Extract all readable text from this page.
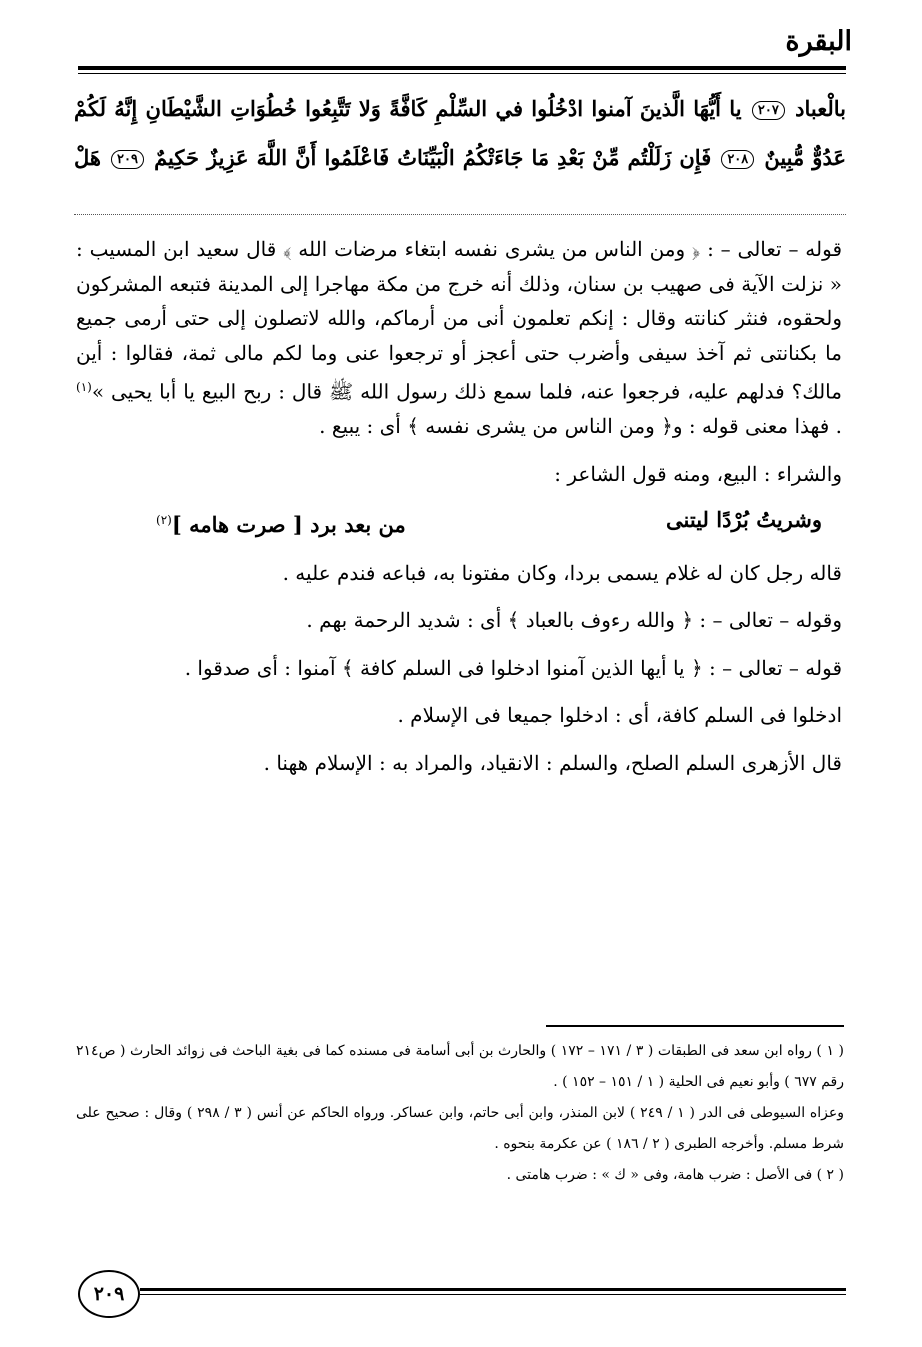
البقرة

بالْعباد ٢٠٧ يا أَيُّهَا الَّذينَ آمنوا ادْخُلُوا في السِّلْمِ كَافَّةً وَلا تَتَّبِعُوا خُطُوَاتِ الشَّيْطَانِ إِنَّهُ لَكُمْ

عَدُوٌّ مُّبِينٌ ٢٠٨ فَإِن زَلَلْتُم مِّنْ بَعْدِ مَا جَاءَتْكُمُ الْبَيِّنَاتُ فَاعْلَمُوا أَنَّ اللَّهَ عَزِيزٌ حَكِيمٌ ٢٠٩ هَلْ

قوله – تعالى – : ﴿ ومن الناس من يشرى نفسه ابتغاء مرضات الله ﴾ قال سعيد ابن المسيب : « نزلت الآية فى صهيب بن سنان، وذلك أنه خرج من مكة مهاجرا إلى المدينة فتبعه المشركون ولحقوه، فنثر كنانته وقال : إنكم تعلمون أنى من أرماكم، والله لاتصلون إلى حتى أرمى جميع ما بكنانتى ثم آخذ سيفى وأضرب حتى أعجز أو ترجعوا عنى وما لكم مالى ثمة، فقالوا : أين مالك؟ فدلهم عليه، فرجعوا عنه، فلما سمع ذلك رسول الله ﷺ قال : ربح البيع يا أبا يحيى »$^{(١)}$ . فهذا معنى قوله : و﴿ ومن الناس من يشرى نفسه ﴾ أى : يبيع .

والشراء : البيع، ومنه قول الشاعر :

وشريتُ بُرْدًا ليتنى
من بعد برد [ صرت هامه ]$^{(٢)}$

قاله رجل كان له غلام يسمى بردا، وكان مفتونا به، فباعه فندم عليه .

وقوله – تعالى – : ﴿ والله رءوف بالعباد ﴾ أى : شديد الرحمة بهم .

قوله – تعالى – : ﴿ يا أيها الذين آمنوا ادخلوا فى السلم كافة ﴾ آمنوا : أى صدقوا .

ادخلوا فى السلم كافة، أى : ادخلوا جميعا فى الإسلام .

قال الأزهرى السلم الصلح، والسلم : الانقياد، والمراد به : الإسلام ههنا .

( ١ ) رواه ابن سعد فى الطبقات ( ٣ / ١٧١ – ١٧٢ ) والحارث بن أبى أسامة فى مسنده كما فى بغية الباحث فى زوائد الحارث ( ص٢١٤ رقم ٦٧٧ ) وأبو نعيم فى الحلية ( ١ / ١٥١ – ١٥٢ ) .

وعزاه السيوطى فى الدر ( ١ / ٢٤٩ ) لابن المنذر، وابن أبى حاتم، وابن عساكر. ورواه الحاكم عن أنس ( ٣ / ٢٩٨ ) وقال : صحيح على شرط مسلم. وأخرجه الطبرى ( ٢ / ١٨٦ ) عن عكرمة بنحوه .

( ٢ ) فى الأصل : ضرب هامة، وفى « ك » : ضرب هامتى .

٢٠٩
